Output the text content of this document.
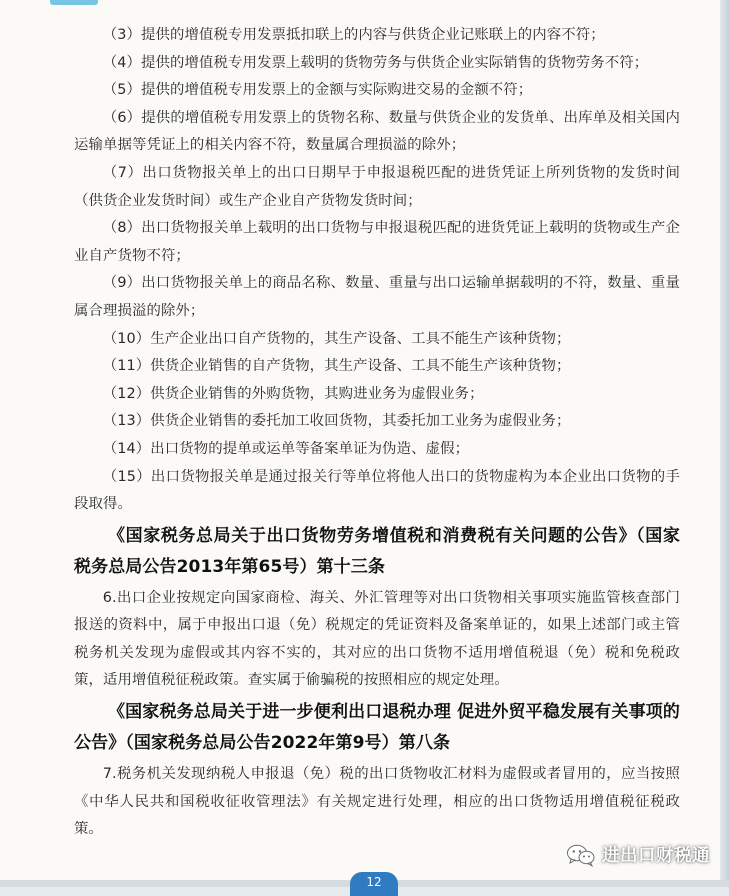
（3）提供的增值税专用发票抵扣联上的内容与供货企业记账联上的内容不符；

（4）提供的增值税专用发票上载明的货物劳务与供货企业实际销售的货物劳务不符；

（5）提供的增值税专用发票上的金额与实际购进交易的金额不符；

（6）提供的增值税专用发票上的货物名称、数量与供货企业的发货单、出库单及相关国内运输单据等凭证上的相关内容不符，数量属合理损溢的除外；

（7）出口货物报关单上的出口日期早于申报退税匹配的进货凭证上所列货物的发货时间（供货企业发货时间）或生产企业自产货物发货时间；

（8）出口货物报关单上载明的出口货物与申报退税匹配的进货凭证上载明的货物或生产企业自产货物不符；

（9）出口货物报关单上的商品名称、数量、重量与出口运输单据载明的不符，数量、重量属合理损溢的除外；

（10）生产企业出口自产货物的，其生产设备、工具不能生产该种货物；

（11）供货企业销售的自产货物，其生产设备、工具不能生产该种货物；

（12）供货企业销售的外购货物，其购进业务为虚假业务；

（13）供货企业销售的委托加工收回货物，其委托加工业务为虚假业务；

（14）出口货物的提单或运单等备案单证为伪造、虚假；

（15）出口货物报关单是通过报关行等单位将他人出口的货物虚构为本企业出口货物的手段取得。

《国家税务总局关于出口货物劳务增值税和消费税有关问题的公告》（国家税务总局公告2013年第65号）第十三条

6.出口企业按规定向国家商检、海关、外汇管理等对出口货物相关事项实施监管核查部门报送的资料中，属于申报出口退（免）税规定的凭证资料及备案单证的，如果上述部门或主管税务机关发现为虚假或其内容不实的，其对应的出口货物不适用增值税退（免）税和免税政策，适用增值税征税政策。查实属于偷骗税的按照相应的规定处理。

《国家税务总局关于进一步便利出口退税办理 促进外贸平稳发展有关事项的公告》（国家税务总局公告2022年第9号）第八条

7.税务机关发现纳税人申报退（免）税的出口货物收汇材料为虚假或者冒用的，应当按照《中华人民共和国税收征收管理法》有关规定进行处理，相应的出口货物适用增值税征税政策。

12
进出口财税通
